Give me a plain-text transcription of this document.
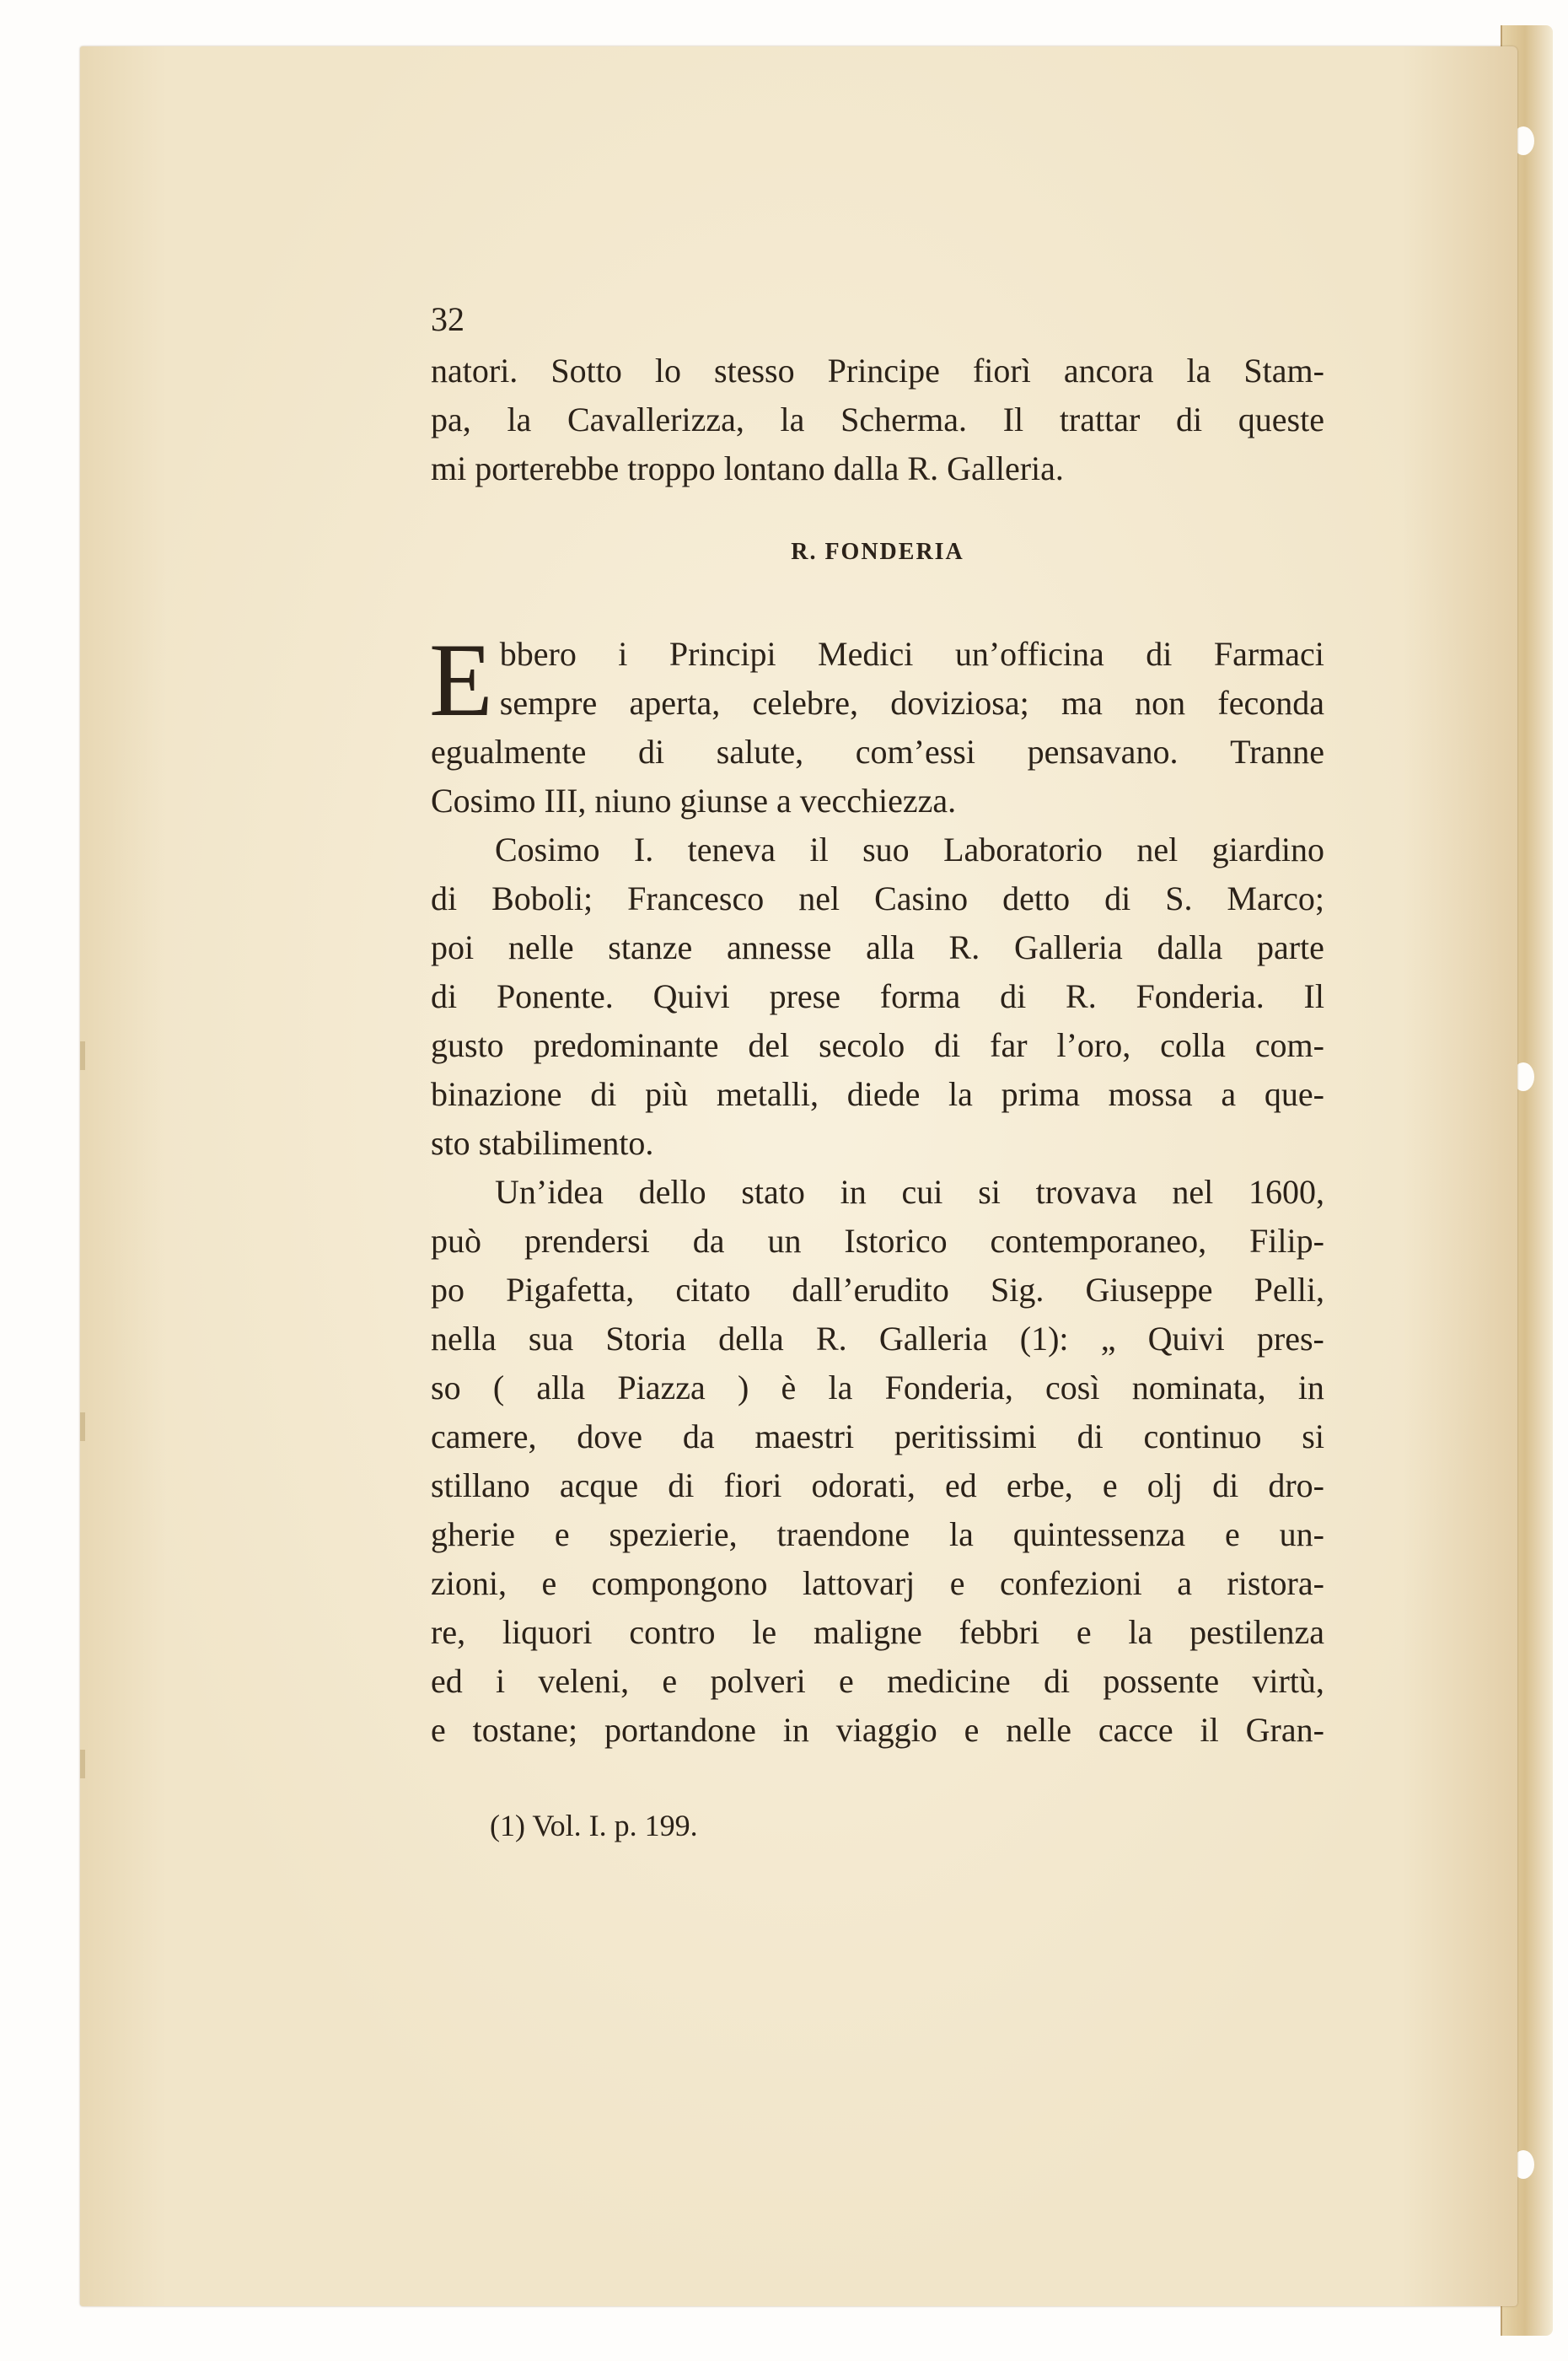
32
natori. Sotto lo stesso Principe fiorì ancora la Stam-
pa, la Cavallerizza, la Scherma. Il trattar di queste
mi porterebbe troppo lontano dalla R. Galleria.
R. FONDERIA
E bbero i Principi Medici un’officina di Farmaci
sempre aperta, celebre, doviziosa; ma non feconda
egualmente di salute, com’essi pensavano. Tranne
Cosimo III, niuno giunse a vecchiezza.
Cosimo I. teneva il suo Laboratorio nel giardino
di Boboli; Francesco nel Casino detto di S. Marco;
poi nelle stanze annesse alla R. Galleria dalla parte
di Ponente. Quivi prese forma di R. Fonderia. Il
gusto predominante del secolo di far l’oro, colla com-
binazione di più metalli, diede la prima mossa a que-
sto stabilimento.
Un’idea dello stato in cui si trovava nel 1600,
può prendersi da un Istorico contemporaneo, Filip-
po Pigafetta, citato dall’erudito Sig. Giuseppe Pelli,
nella sua Storia della R. Galleria (1): „ Quivi pres-
so ( alla Piazza ) è la Fonderia, così nominata, in
camere, dove da maestri peritissimi di continuo si
stillano acque di fiori odorati, ed erbe, e olj di dro-
gherie e spezierie, traendone la quintessenza e un-
zioni, e compongono lattovarj e confezioni a ristora-
re, liquori contro le maligne febbri e la pestilenza
ed i veleni, e polveri e medicine di possente virtù,
e tostane; portandone in viaggio e nelle cacce il Gran-
(1) Vol. I. p. 199.
